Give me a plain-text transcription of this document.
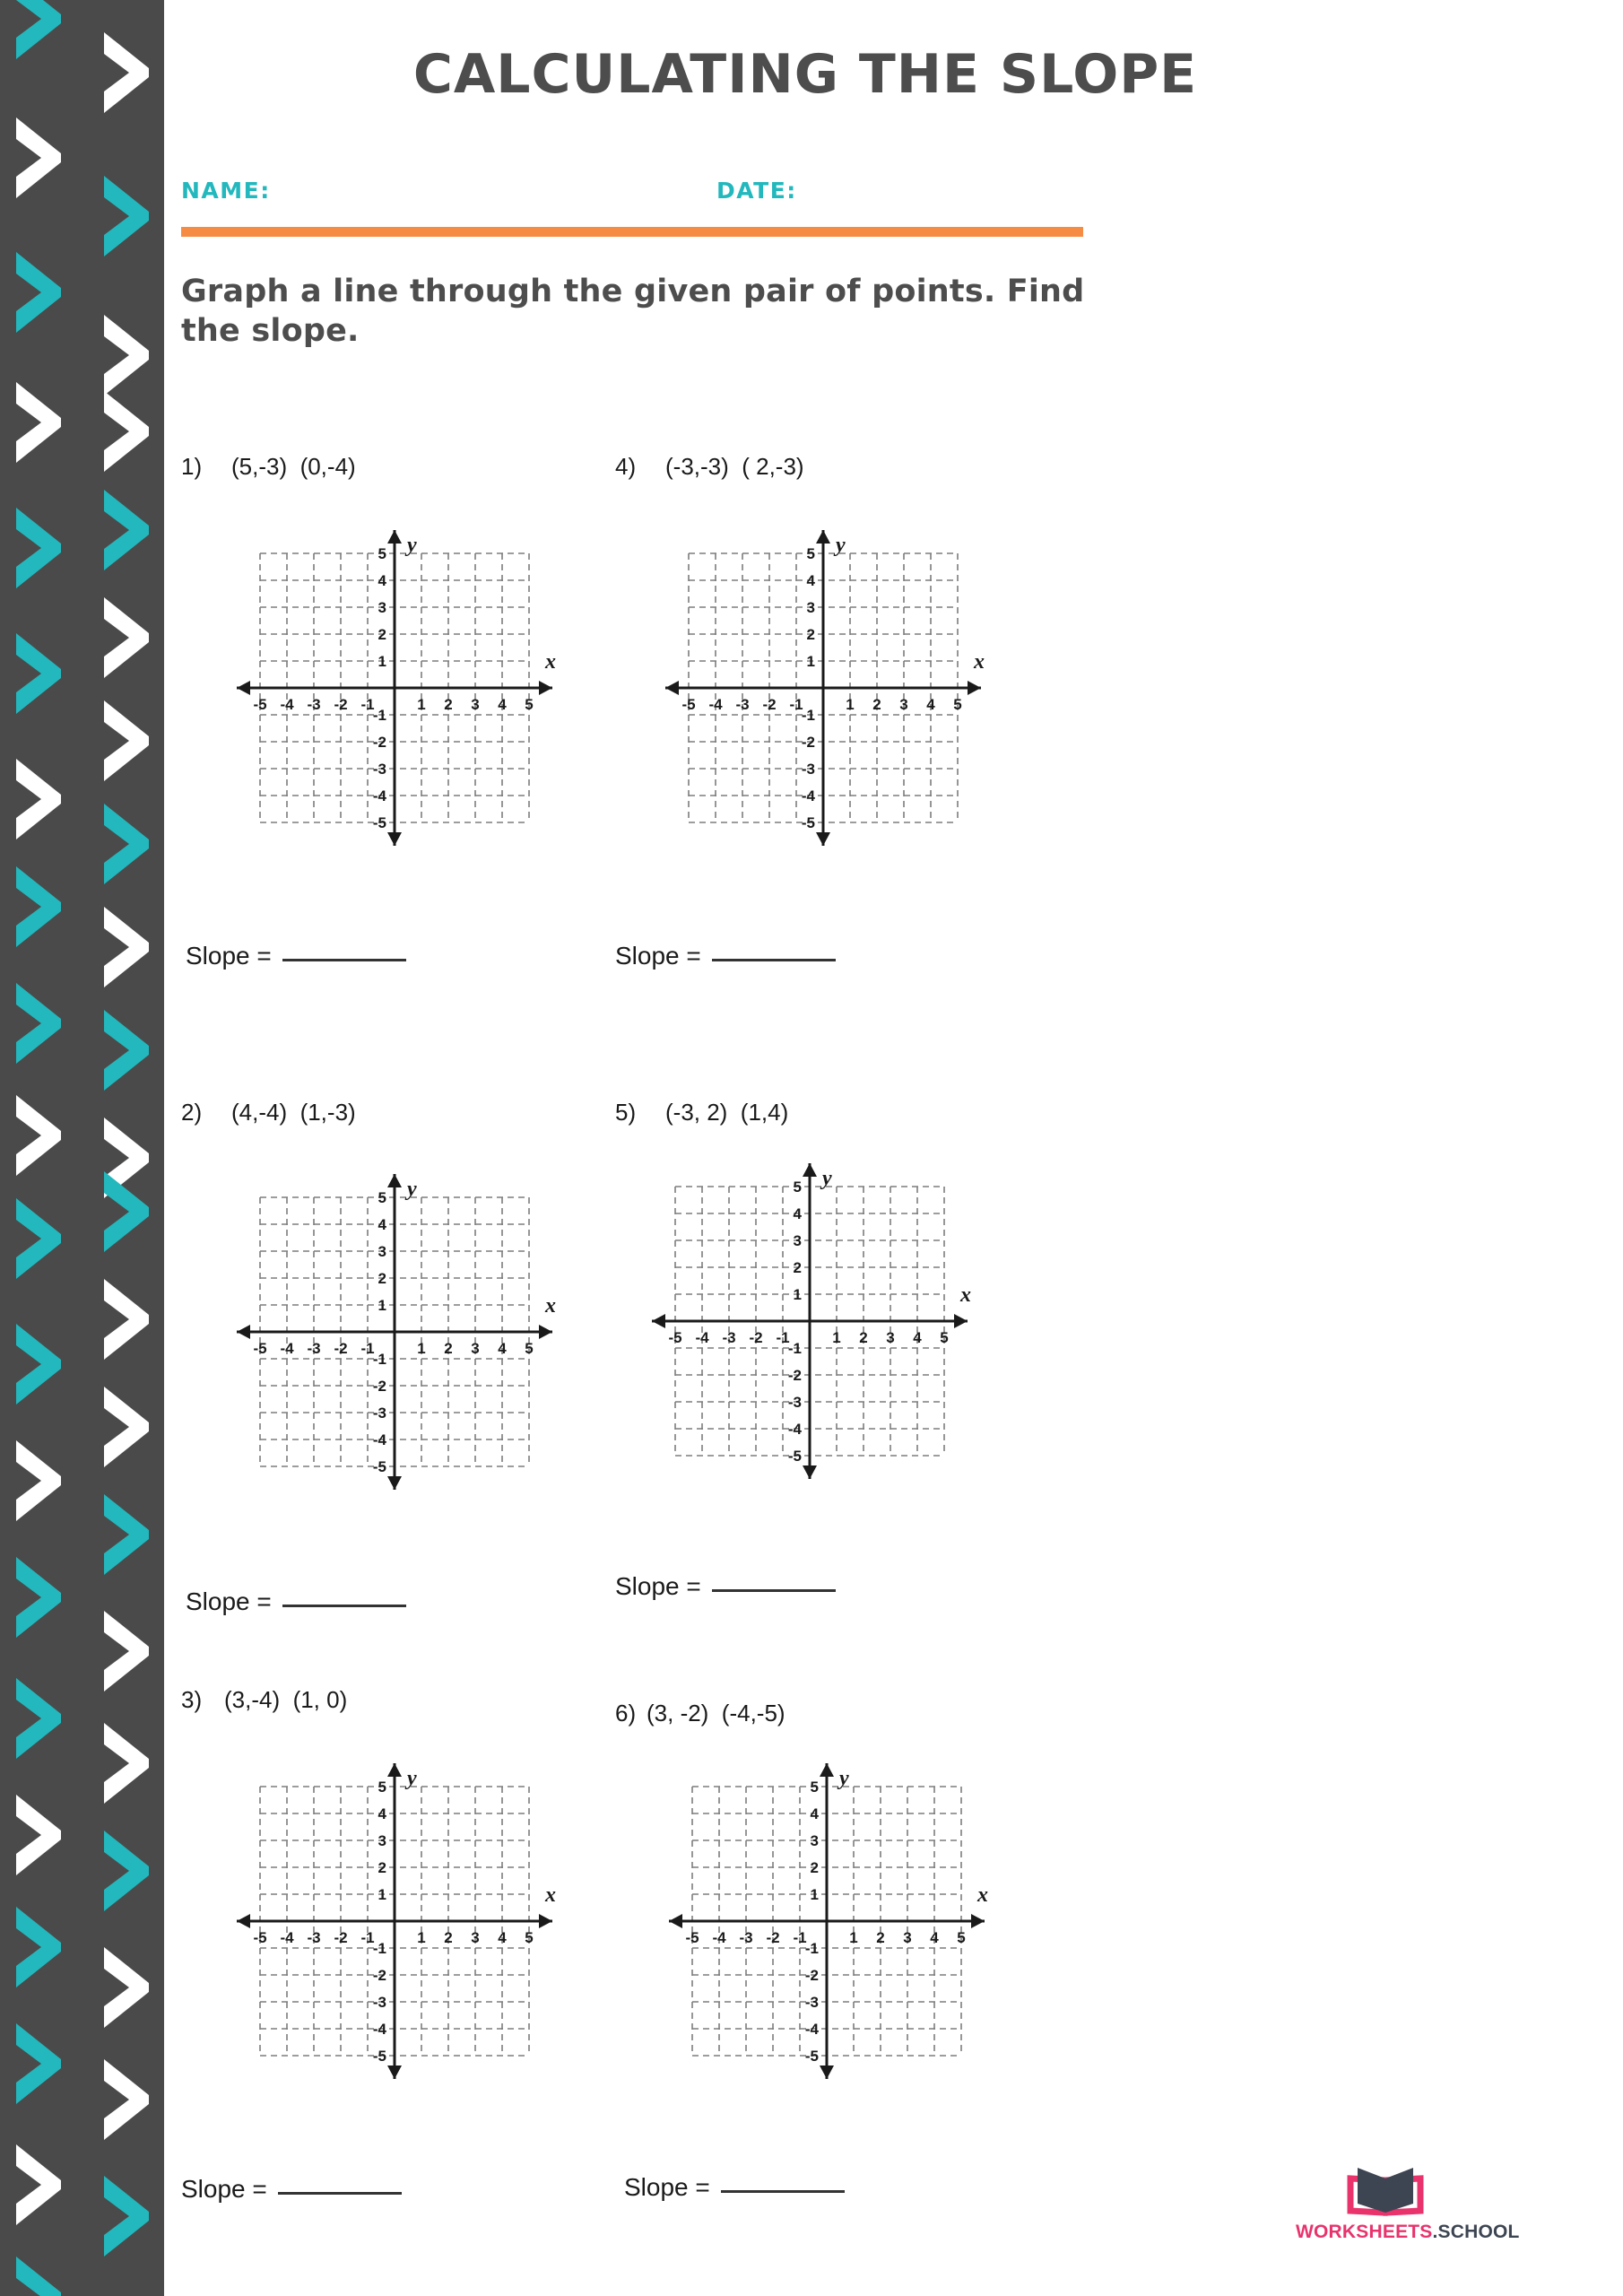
CALCULATING THE SLOPE
NAME:	DATE:
Graph a line through the given pair of points. Find the slope.
1) (5,-3)  (0,-4)
-5 -4 -3 -2 -1	1 2 3 4 5
5
4
3
2
1
-1
-2
-3
-4
-5
x
y
Slope =
2) (4,-4)  (1,-3)
-5 -4 -3 -2 -1	1 2 3 4 5
5
4
3
2
1
-1
-2
-3
-4
-5
x
y
Slope =
3) (3,-4)  (1, 0)
-5 -4 -3 -2 -1	1 2 3 4 5
5
4
3
2
1
-1
-2
-3
-4
-5
x
y
Slope =
4) (-3,-3)  ( 2,-3)
-5 -4 -3 -2 -1	1 2 3 4 5
5
4
3
2
1
-1
-2
-3
-4
-5
x
y
Slope =
5) (-3, 2)  (1,4)
-5 -4 -3 -2 -1	1 2 3 4 5
5
4
3
2
1
-1
-2
-3
-4
-5
x
y
Slope =
6) (3, -2)  (-4,-5)
-5 -4 -3 -2 -1	1 2 3 4 5
5
4
3
2
1
-1
-2
-3
-4
-5
x
y
Slope =
WORKSHEETS.SCHOOL
